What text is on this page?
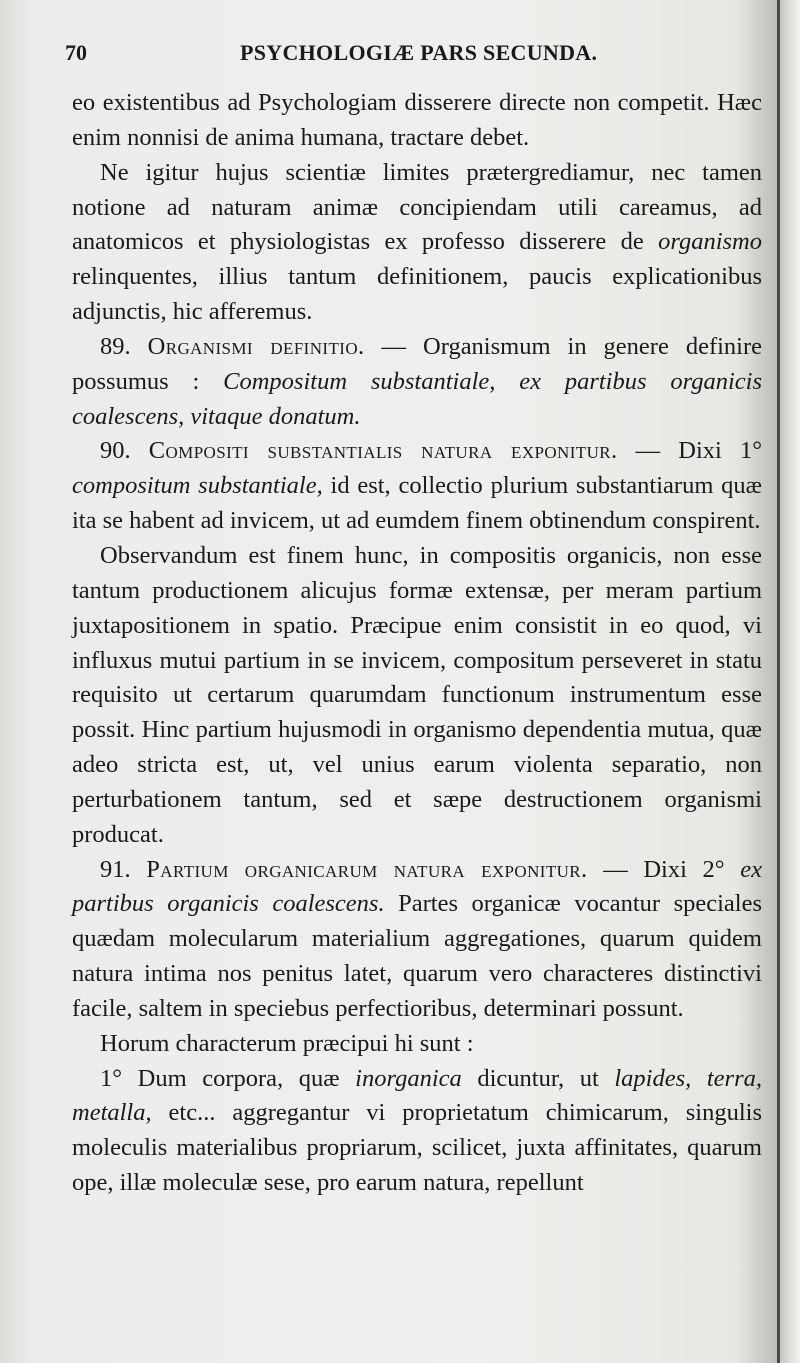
70	PSYCHOLOGIÆ PARS SECUNDA.

eo existentibus ad Psychologiam disserere directe non competit. Hæc enim nonnisi de anima humana, tractare debet.

Ne igitur hujus scientiæ limites prætergrediamur, nec tamen notione ad naturam animæ concipiendam utili careamus, ad anatomicos et physiologistas ex professo disserere de organismo relinquentes, illius tantum definitionem, paucis explicationibus adjunctis, hic afferemus.

89. Organismi definitio. — Organismum in genere definire possumus : Compositum substantiale, ex partibus organicis coalescens, vitaque donatum.

90. Compositi substantialis natura exponitur. — Dixi 1° compositum substantiale, id est, collectio plurium substantiarum quæ ita se habent ad invicem, ut ad eumdem finem obtinendum conspirent.

Observandum est finem hunc, in compositis organicis, non esse tantum productionem alicujus formæ extensæ, per meram partium juxtapositionem in spatio. Præcipue enim consistit in eo quod, vi influxus mutui partium in se invicem, compositum perseveret in statu requisito ut certarum quarumdam functionum instrumentum esse possit. Hinc partium hujusmodi in organismo dependentia mutua, quæ adeo stricta est, ut, vel unius earum violenta separatio, non perturbationem tantum, sed et sæpe destructionem organismi producat.

91. Partium organicarum natura exponitur. — Dixi 2° ex partibus organicis coalescens. Partes organicæ vocantur speciales quædam molecularum materialium aggregationes, quarum quidem natura intima nos penitus latet, quarum vero characteres distinctivi facile, saltem in speciebus perfectioribus, determinari possunt.

Horum characterum præcipui hi sunt :

1° Dum corpora, quæ inorganica dicuntur, ut lapides, terra, metalla, etc... aggregantur vi proprietatum chimicarum, singulis moleculis materialibus propriarum, scilicet, juxta affinitates, quarum ope, illæ moleculæ sese, pro earum natura, repellunt
